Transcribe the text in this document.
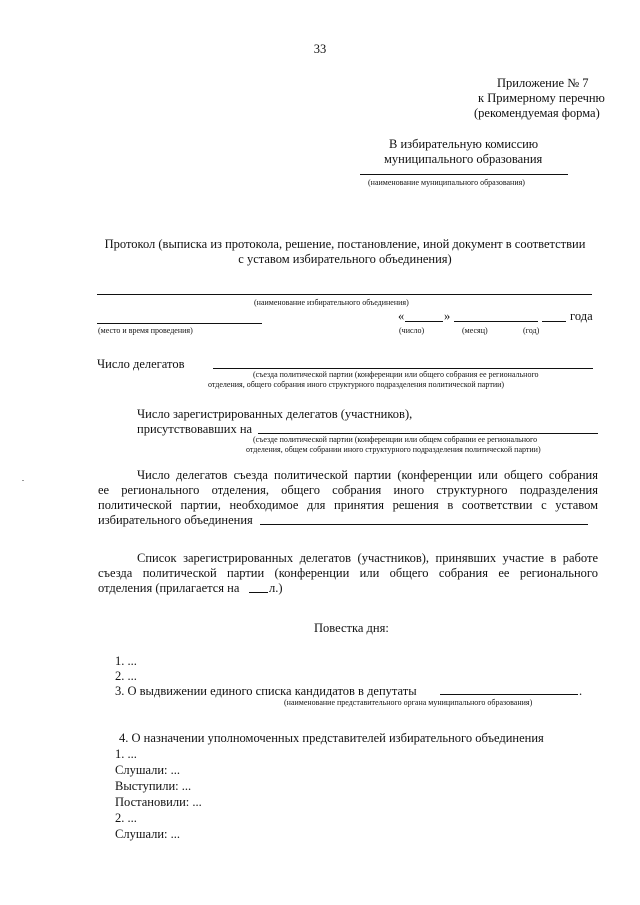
33
Приложение № 7
к Примерному перечню
(рекомендуемая форма)
В избирательную комиссию
муниципального образования
(наименование муниципального образования)
Протокол (выписка из протокола, решение, постановление, иной документ в соответствии
с уставом избирательного объединения)
(наименование избирательного объединения)
«	»	года
(место и время проведения)	(число)	(месяц)	(год)
Число делегатов
(съезда политической партии (конференции или общего собрания ее регионального
отделения, общего собрания иного структурного подразделения политической партии)
Число зарегистрированных делегатов (участников),
присутствовавших на
(съезде политической партии (конференции или общем собрании ее регионального
отделения, общем собрании иного структурного подразделения политической партии)
Число делегатов съезда политической партии (конференции или общего собрания
ее регионального отделения, общего собрания иного структурного подразделения
политической партии, необходимое для принятия решения в соответствии с уставом
избирательного объединения
Список зарегистрированных делегатов (участников), принявших участие в работе
съезда политической партии (конференции или общего собрания ее регионального
отделения (прилагается на л.)
Повестка дня:
1. ...
2. ...
3. О выдвижении единого списка кандидатов в депутаты	.
(наименование представительного органа муниципального образования)
4. О назначении уполномоченных представителей избирательного объединения
1. ...
Слушали: ...
Выступили: ...
Постановили: ...
2. ...
Слушали: ...
